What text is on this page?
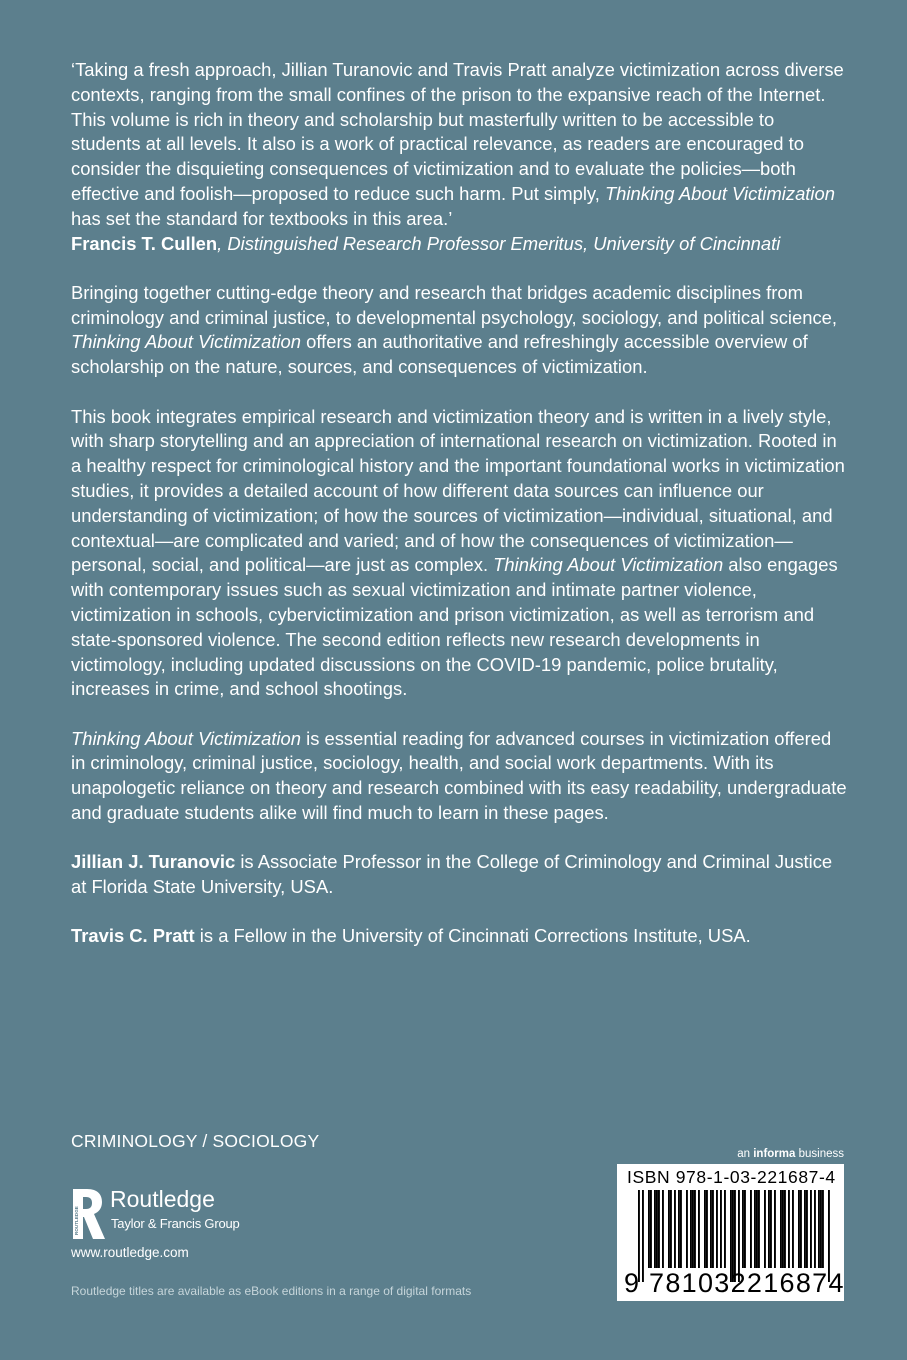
‘Taking a fresh approach, Jillian Turanovic and Travis Pratt analyze victimization across diverse contexts, ranging from the small confines of the prison to the expansive reach of the Internet. This volume is rich in theory and scholarship but masterfully written to be accessible to students at all levels. It also is a work of practical relevance, as readers are encouraged to consider the disquieting consequences of victimization and to evaluate the policies—both effective and foolish—proposed to reduce such harm. Put simply, Thinking About Victimization has set the standard for textbooks in this area.’

Francis T. Cullen, Distinguished Research Professor Emeritus, University of Cincinnati

Bringing together cutting-edge theory and research that bridges academic disciplines from criminology and criminal justice, to developmental psychology, sociology, and political science, Thinking About Victimization offers an authoritative and refreshingly accessible overview of scholarship on the nature, sources, and consequences of victimization.

This book integrates empirical research and victimization theory and is written in a lively style, with sharp storytelling and an appreciation of international research on victimization. Rooted in a healthy respect for criminological history and the important foundational works in victimization studies, it provides a detailed account of how different data sources can influence our understanding of victimization; of how the sources of victimization—individual, situational, and contextual—are complicated and varied; and of how the consequences of victimization—personal, social, and political—are just as complex. Thinking About Victimization also engages with contemporary issues such as sexual victimization and intimate partner violence, victimization in schools, cybervictimization and prison victimization, as well as terrorism and state-sponsored violence. The second edition reflects new research developments in victimology, including updated discussions on the COVID-19 pandemic, police brutality, increases in crime, and school shootings.

Thinking About Victimization is essential reading for advanced courses in victimization offered in criminology, criminal justice, sociology, health, and social work departments. With its unapologetic reliance on theory and research combined with its easy readability, undergraduate and graduate students alike will find much to learn in these pages.

Jillian J. Turanovic is Associate Professor in the College of Criminology and Criminal Justice at Florida State University, USA.

Travis C. Pratt is a Fellow in the University of Cincinnati Corrections Institute, USA.

CRIMINOLOGY / SOCIOLOGY
ROUTLEDGE
Routledge
Taylor & Francis Group
www.routledge.com
Routledge titles are available as eBook editions in a range of digital formats
an informa business
ISBN 978-1-03-221687-4
9 781032216874
